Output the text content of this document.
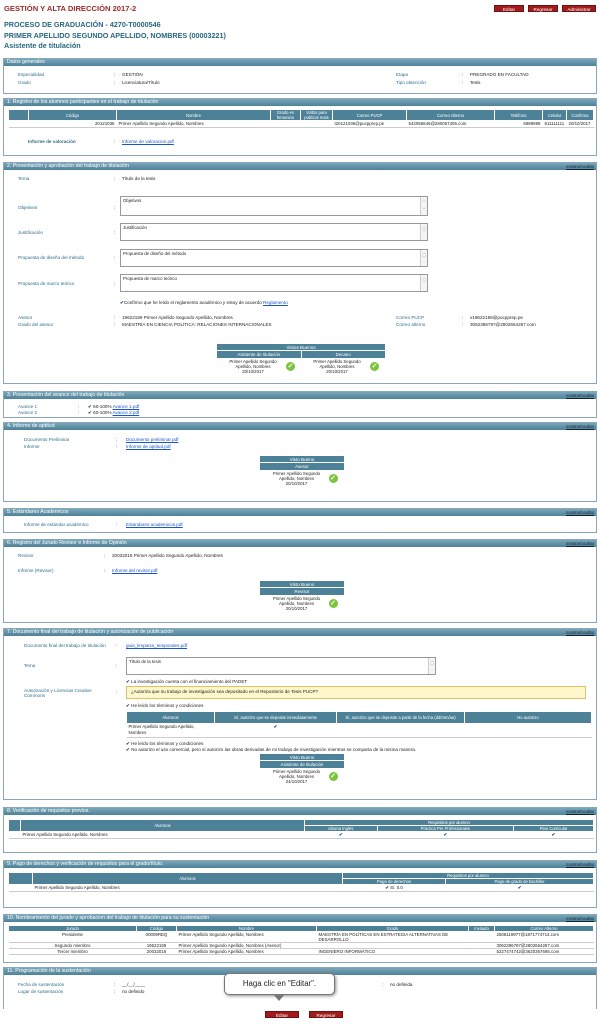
GESTIÓN Y ALTA DIRECCIÓN 2017-2	Editar	Regresar	Administrar
PROCESO DE GRADUACIÓN - 4270-T0000546
PRIMER APELLIDO SEGUNDO APELLIDO, NOMBRES (00003221)
Asistente de titulación
Datos generales
Especialidad	: GESTIÓN
Grado	: Licenciatura/Título
Etapa	: PREGRADO EN FACULTAD
Tipo obtención	: Tesis
1. Registro de los alumnos participantes en el trabajo de titulación
	Código	Nombre	Grado en femenino	Vo/Bo para publicar tesis	Correo PUCP	Correo Alterno	Teléfono	Celular	Confirma
	20121036	Primer Apellido Segundo Apellido, Nombres			t20121036@pucpprep.pe	542056646@280057405.com	6989999	911111111	20/10/2017
Informe de valoración	: Informe de valoracion.pdf
2. Presentación y aprobación del trabajo de titulación	mostrar/ocultar
Tema	: Título de la tesis
Objetivos	:
Objetivos	︿

﹀
Justificación	:
Justificación	︿
﹀
Propuesta de diseño del método	:
Propuesta de diseño del método	︿
﹀
Propuesta de marco teórico	:
Propuesta de marco teórico	︿
﹀
✔Confirmo que he leído el reglamento académico y estoy de acuerdo Reglamento
Asesor	: 19622159 Primer Apellido Segundo Apellido, Nombres
Grado del asesor	: MAESTRÍA EN CIENCIA POLÍTICA: RELACIONES INTERNACIONALES
Correo PUCP	: v19622159@pucpprep.pe
Correo alterno	: 306239679?@2802664267.com
Vistos Buenos
Asistente de titulación	Decano
Primer Apellido Segundo Apellido, Nombres
20/10/2017
✓
Primer Apellido Segundo Apellido, Nombres
20/10/2017
✓
3. Presentación del avance del trabajo de titulación	mostrar/ocultar
Avance 1	: ✔ 60-100% Avance 1.pdf
Avance 2	: ✔ 60-100% Avance 2.pdf
4. Informe de aptitud	mostrar/ocultar
Documento Preliminar	: Documento preliminar.pdf
Informe	: Informe de aptitud.pdf
Visto Bueno
Asesor
Primer Apellido Segundo Apellido, Nombres
20/10/2017
✓
5. Estándares Académicos	mostrar/ocultar
Informe de estándar académico	: Estandares academicos.pdf
6. Registro del Jurado Revisor e Informe de Opinión	mostrar/ocultar
Revisor	: 20032016 Primer Apellido Segundo Apellido, Nombres
Informe (Revisor)	: Informe del revisor.pdf
Visto Bueno
Revisor
Primer Apellido Segundo Apellido, Nombres
20/10/2017
✓
7. Documento final del trabajo de titulación y autorización de publicación	mostrar/ocultar
Documento final del trabajo de titulación : guia_limpieza_temporales.pdf
Tema	:
Título de la tesis	︿
﹀
✔ La investigación cuenta con el financiamiento del PADET
Autorización y Licencias Creative Commons
:	¿Autoriza que su trabajo de investigación sea depositado en el Repositorio de Tesis PUCP?
✔ He leído los términos y condiciones
Alumnos	Sí, autorizo que se deposite inmediatamente	Sí, autorizo que se deposite a partir de la fecha (dd/mm/aa)	No autorizo
Primer Apellido Segundo Apellido, Nombres	✔		
✔ He leído los términos y condiciones
✔ No autorizo el uso comercial, pero sí autorizo las obras derivadas de mi trabajo de investigación mientras se comparta de la misma manera.
Visto Bueno
Asistente de titulación
Primer Apellido Segundo Apellido, Nombres
24/10/2017
✓
8. Verificación de requisitos previos.	mostrar/ocultar
	Alumnos	Requisitos por alumno		
		Idioma Inglés	Práctica Pre Profesionales	Plan Curricular
	Primer Apellido Segundo Apellido, Nombres	✔	✔	✔
9. Pago de derechos y verificación de requisitos para el grado/título.	mostrar/ocultar
	Alumnos	Requisitos por alumno	
		Pago de derechos	Pago de grado de bachiller
	Primer Apellido Segundo Apellido, Nombres	✔ S/. 0.0	✔
10. Nombramiento del jurado y aprobacion del trabajo de titulación para su sustentación	mostrar/ocultar
Jurado	Código	Nombre	Grado	Invitado	Correo Alterno
Presidente	00009REQ	Primer Apellido Segundo Apellido, Nombres	MAESTRÍA EN POLÍTICAS EN ESTRATEGIA ALTERNATIVAS DE DESARROLLO		2508119977@1871774714.com
Segundo miembro	19622159	Primer Apellido Segundo Apellido, Nombres (Asesor)			3062396797@2802664267.com
Tercer miembro	20032016	Primer Apellido Segundo Apellido, Nombres	INGENIERO INFORMÁTICO		5227474742@3620367695.com
11. Programación de la sustentación
Fecha de sustentación	: __/__/____
Lugar de sustentación	: no definido
: no definida
Editar	Regresar
Haga clic en "Editar".
